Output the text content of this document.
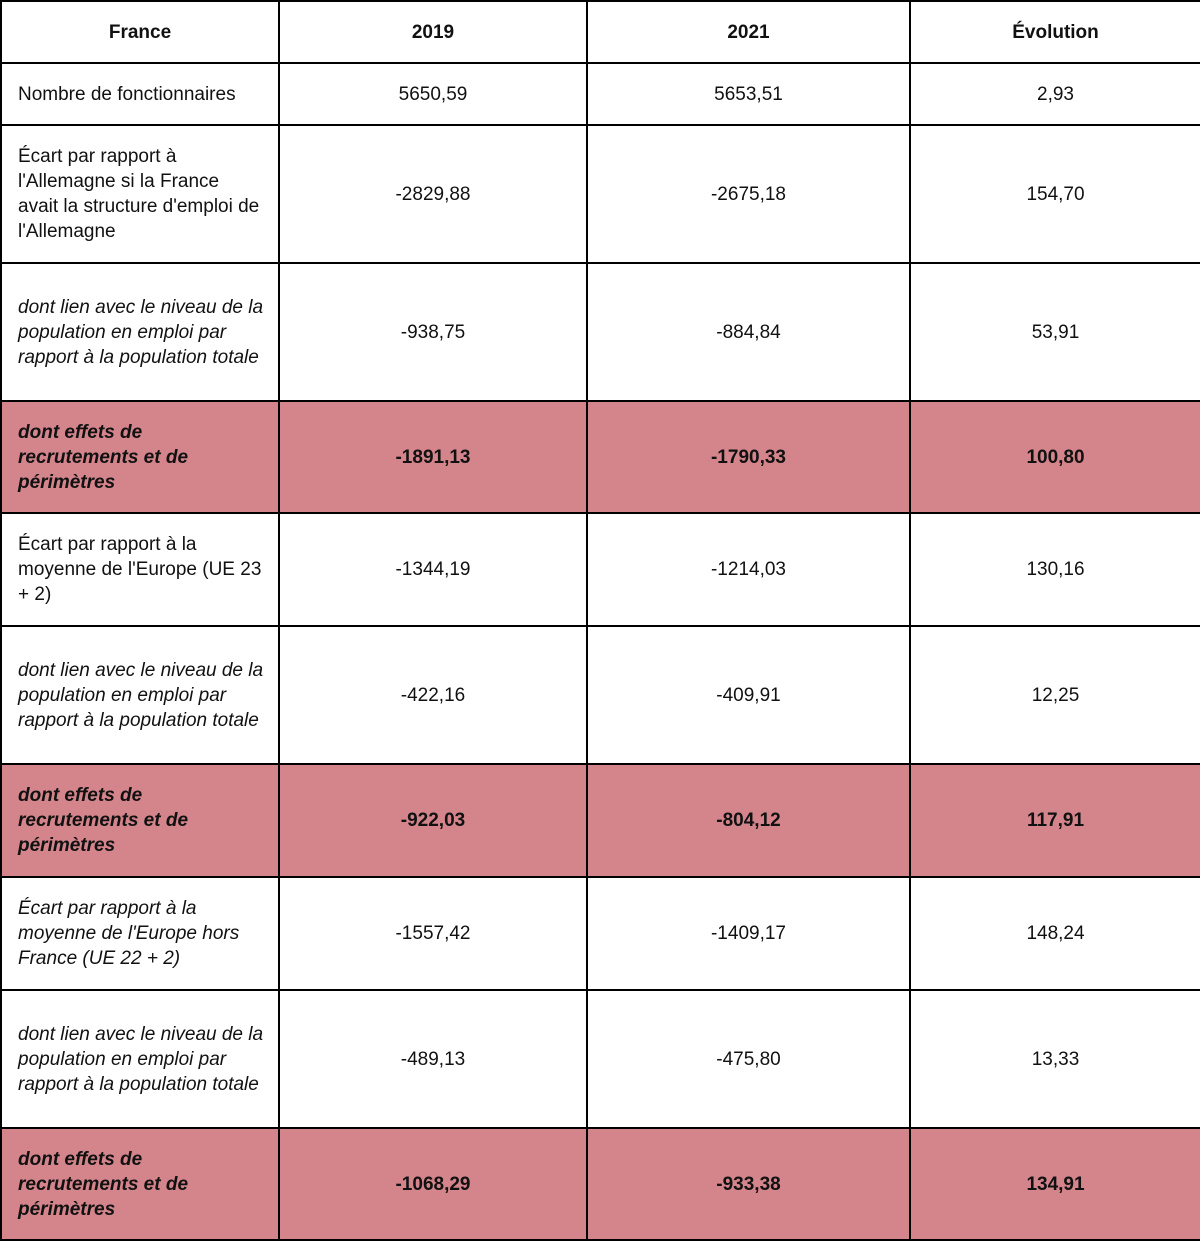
France	2019	2021	Évolution
Nombre de fonctionnaires	5650,59	5653,51	2,93
Écart par rapport à l'Allemagne si la France avait la structure d'emploi de l'Allemagne	-2829,88	-2675,18	154,70
dont lien avec le niveau de la population en emploi par rapport à la population totale	-938,75	-884,84	53,91
dont effets de recrutements et de périmètres	-1891,13	-1790,33	100,80
Écart par rapport à la moyenne de l'Europe (UE 23 + 2)	-1344,19	-1214,03	130,16
dont lien avec le niveau de la population en emploi par rapport à la population totale	-422,16	-409,91	12,25
dont effets de recrutements et de périmètres	-922,03	-804,12	117,91
Écart par rapport à la moyenne de l'Europe hors France (UE 22 + 2)	-1557,42	-1409,17	148,24
dont lien avec le niveau de la population en emploi par rapport à la population totale	-489,13	-475,80	13,33
dont effets de recrutements et de périmètres	-1068,29	-933,38	134,91
